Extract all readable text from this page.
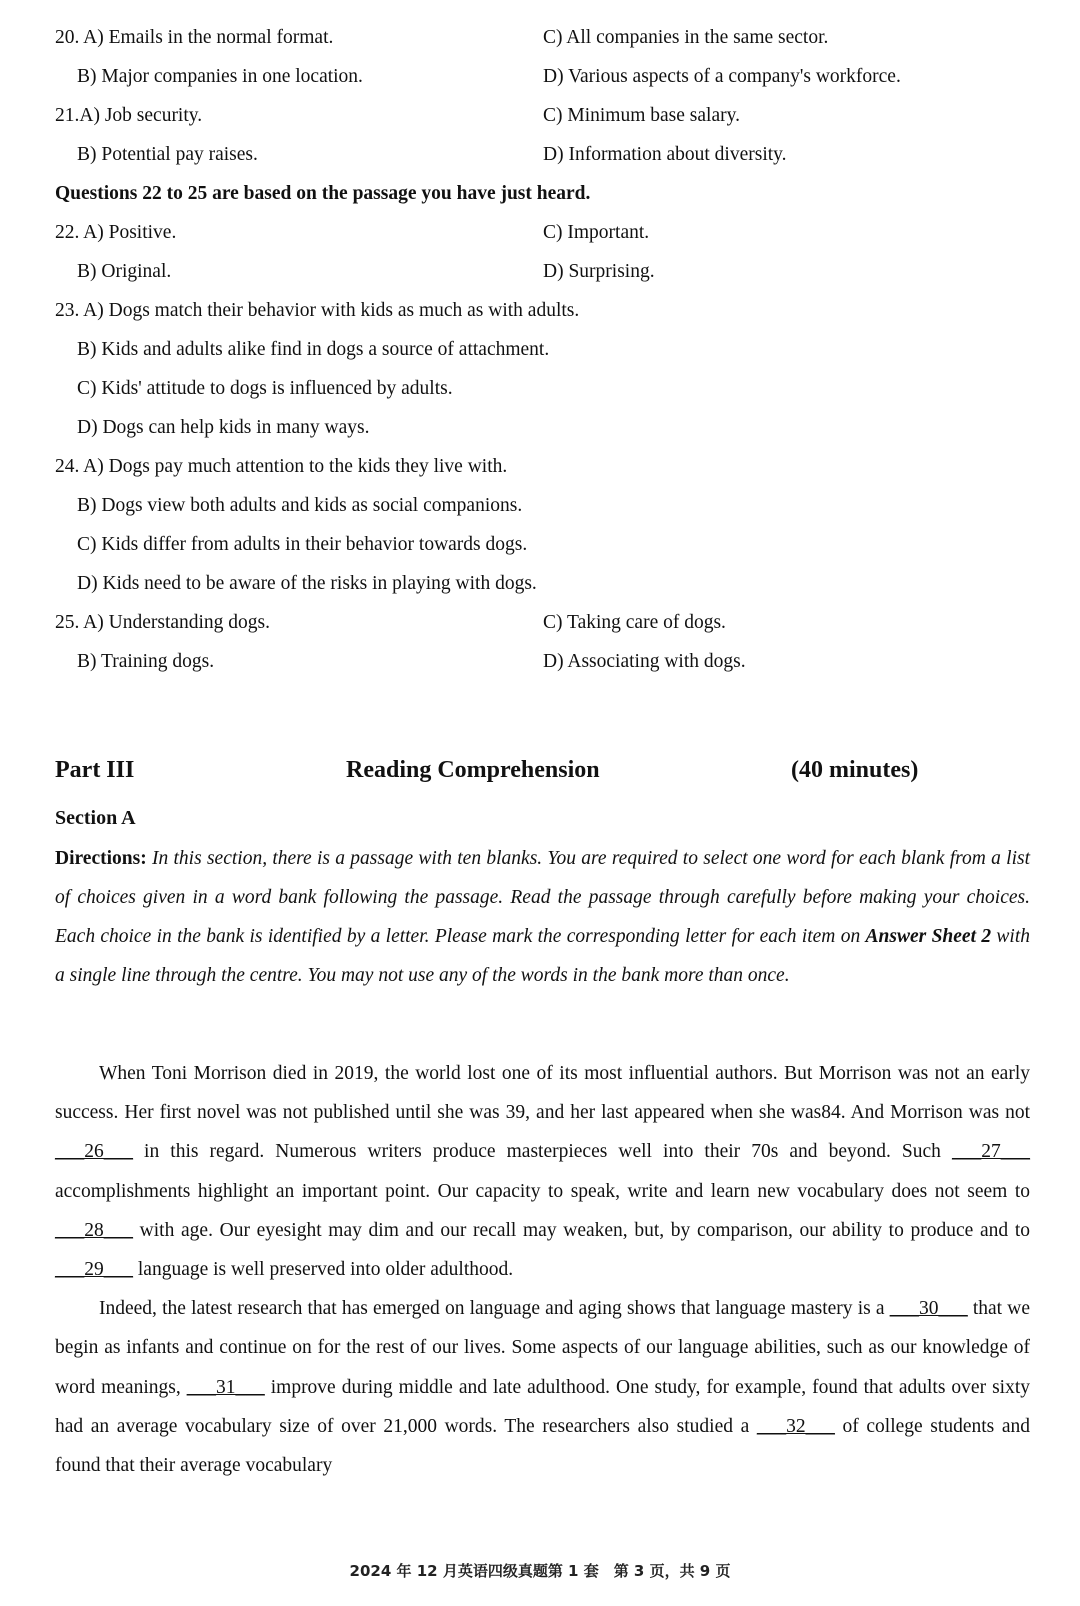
20. A) Emails in the normal format.	C) All companies in the same sector.
B) Major companies in one location.	D) Various aspects of a company's workforce.
21.A) Job security.	C) Minimum base salary.
B) Potential pay raises.	D) Information about diversity.
Questions 22 to 25 are based on the passage you have just heard.
22. A) Positive.	C) Important.
B) Original.	D) Surprising.
23. A) Dogs match their behavior with kids as much as with adults.
B) Kids and adults alike find in dogs a source of attachment.
C) Kids' attitude to dogs is influenced by adults.
D) Dogs can help kids in many ways.
24. A) Dogs pay much attention to the kids they live with.
B) Dogs view both adults and kids as social companions.
C) Kids differ from adults in their behavior towards dogs.
D) Kids need to be aware of the risks in playing with dogs.
25. A) Understanding dogs.	C) Taking care of dogs.
B) Training dogs.	D) Associating with dogs.
Part III	Reading Comprehension	(40 minutes)
Section A
Directions: In this section, there is a passage with ten blanks. You are required to select one word for each blank from a list of choices given in a word bank following the passage. Read the passage through carefully before making your choices. Each choice in the bank is identified by a letter. Please mark the corresponding letter for each item on Answer Sheet 2 with a single line through the centre. You may not use any of the words in the bank more than once.

When Toni Morrison died in 2019, the world lost one of its most influential authors. But Morrison was not an early success. Her first novel was not published until she was 39, and her last appeared when she was84. And Morrison was not ___26___ in this regard. Numerous writers produce masterpieces well into their 70s and beyond. Such ___27___ accomplishments highlight an important point. Our capacity to speak, write and learn new vocabulary does not seem to ___28___ with age. Our eyesight may dim and our recall may weaken, but, by comparison, our ability to produce and to ___29___ language is well preserved into older adulthood.

Indeed, the latest research that has emerged on language and aging shows that language mastery is a ___30___ that we begin as infants and continue on for the rest of our lives. Some aspects of our language abilities, such as our knowledge of word meanings, ___31___ improve during middle and late adulthood. One study, for example, found that adults over sixty had an average vocabulary size of over 21,000 words. The researchers also studied a ___32___ of college students and found that their average vocabulary

2024 年 12 月英语四级真题第 1 套　第 3 页，共 9 页
